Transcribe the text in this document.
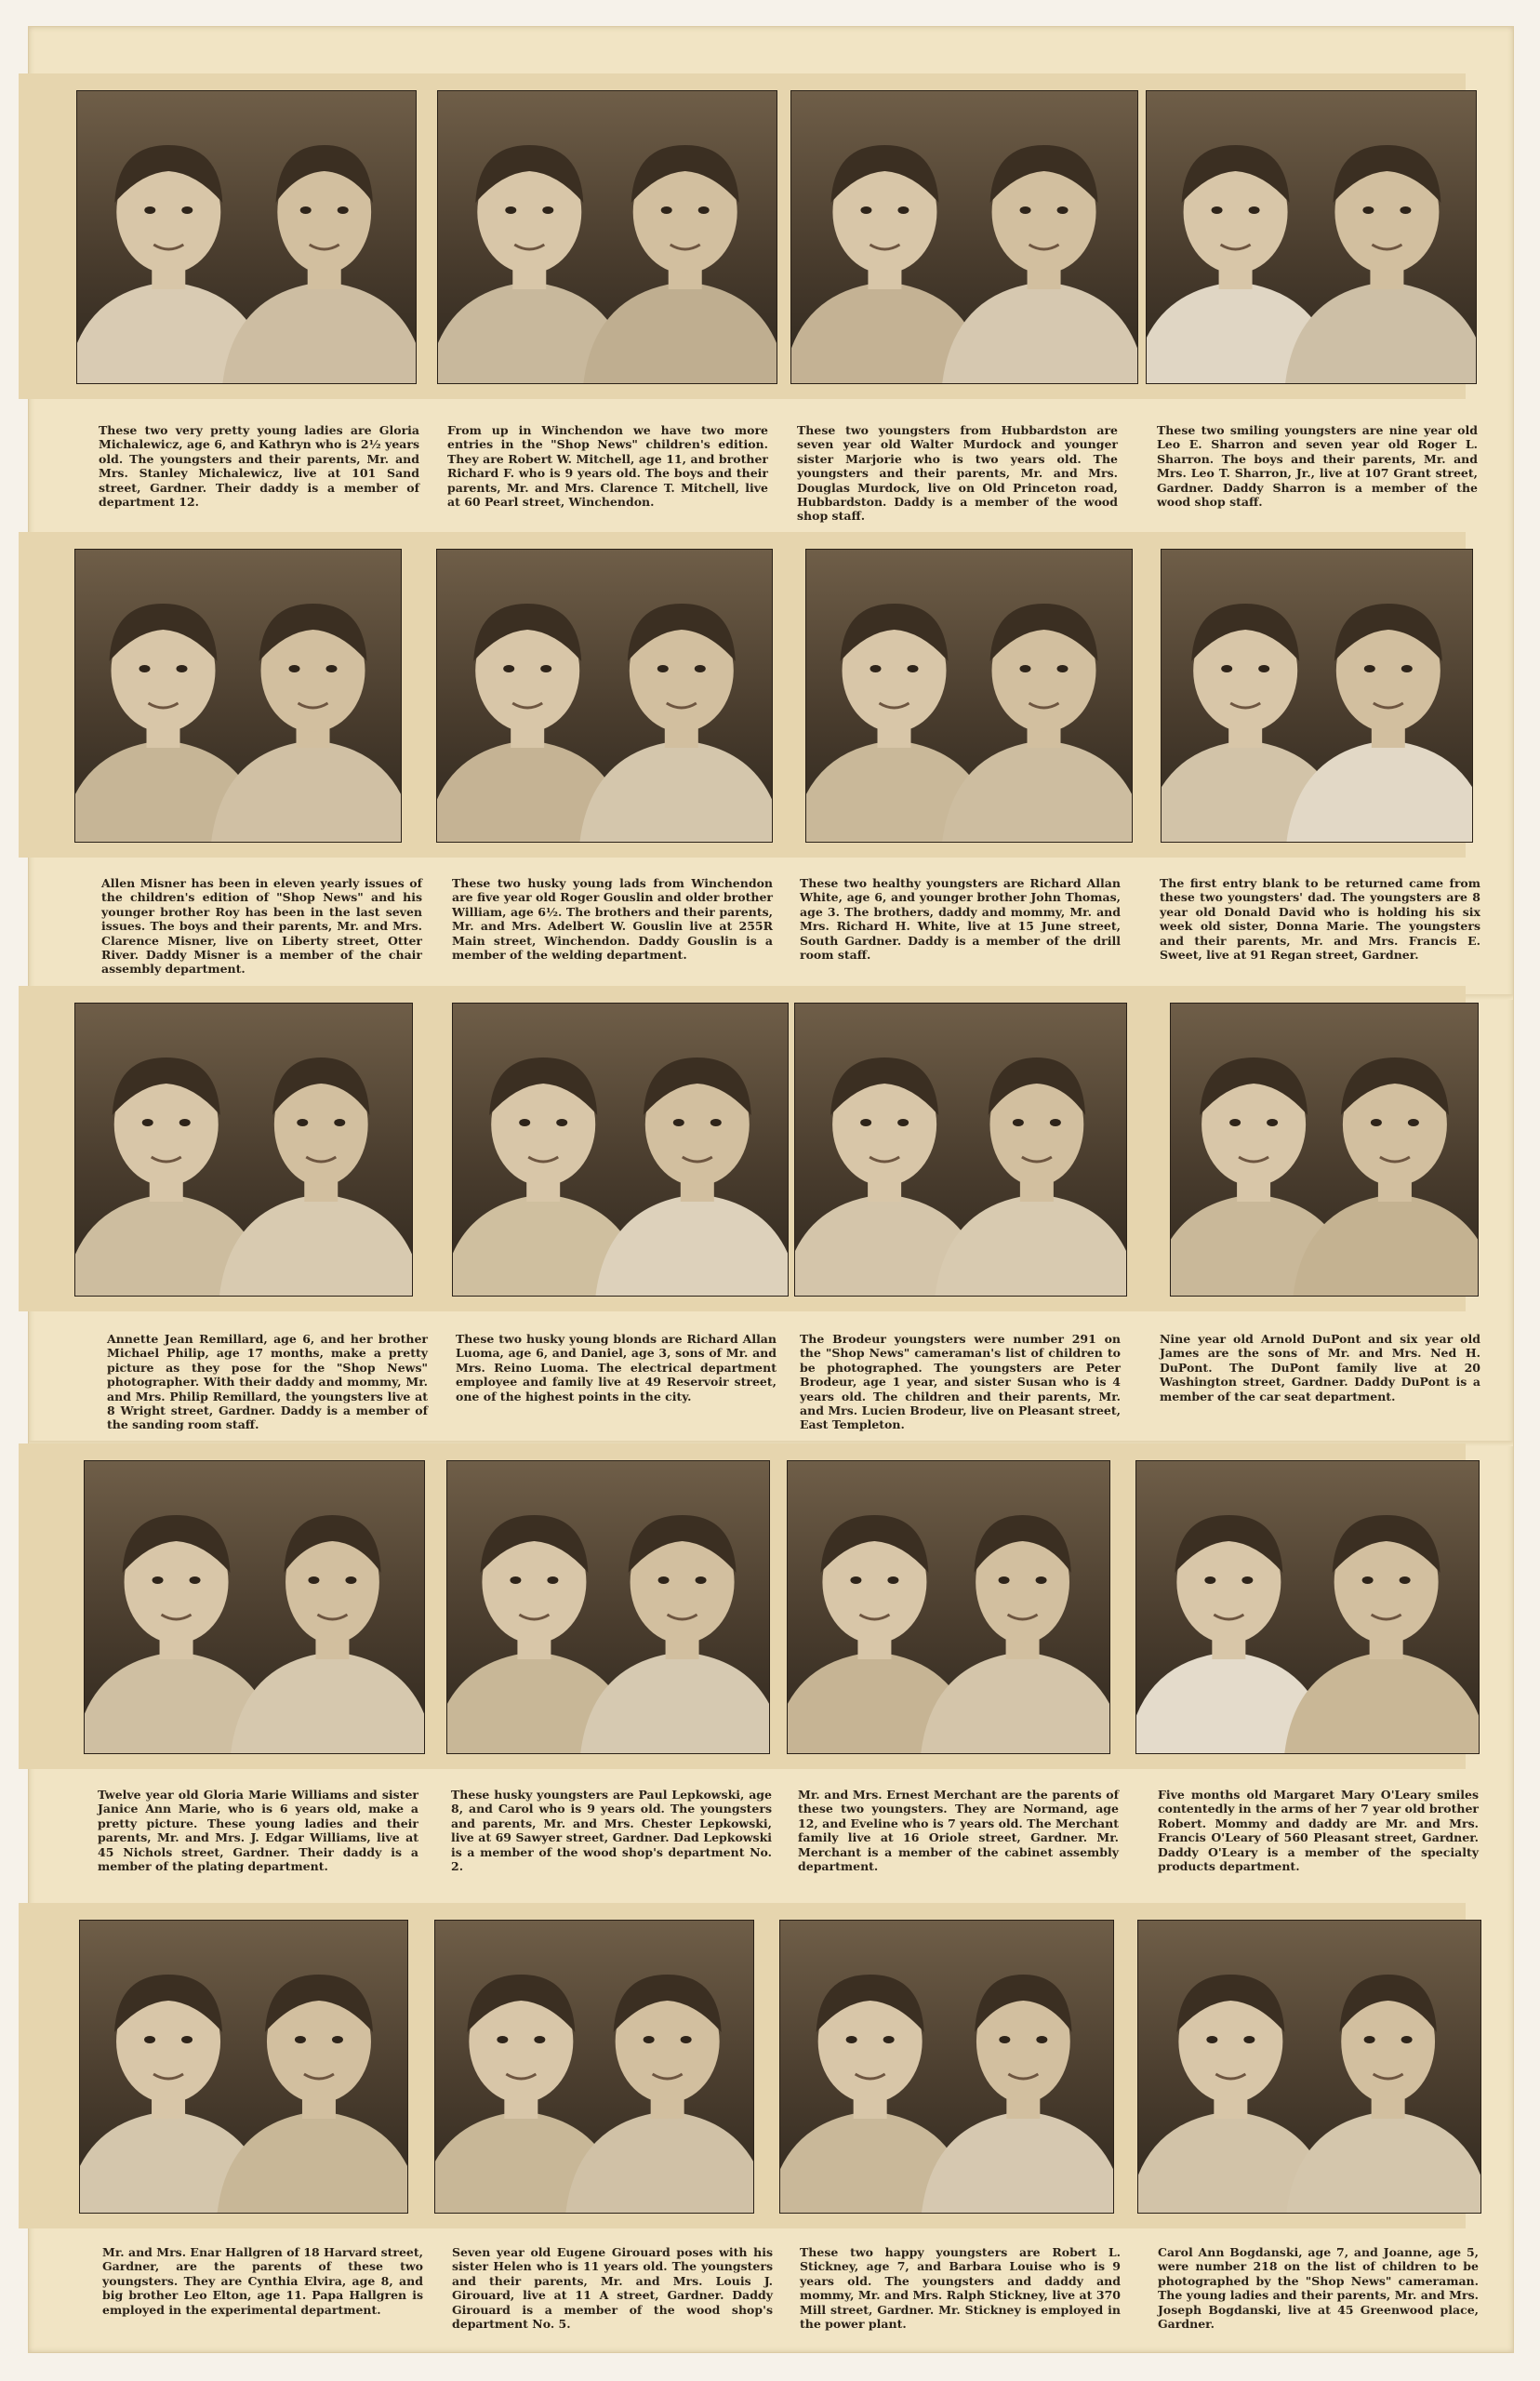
These two very pretty young ladies are Gloria Michalewicz, age 6, and Kathryn who is 2½ years old. The youngsters and their parents, Mr. and Mrs. Stanley Michalewicz, live at 101 Sand street, Gardner. Their daddy is a member of department 12.

From up in Winchendon we have two more entries in the "Shop News" children's edition. They are Robert W. Mitchell, age 11, and brother Richard F. who is 9 years old. The boys and their parents, Mr. and Mrs. Clarence T. Mitchell, live at 60 Pearl street, Winchendon.

These two youngsters from Hubbardston are seven year old Walter Murdock and younger sister Marjorie who is two years old. The youngsters and their parents, Mr. and Mrs. Douglas Murdock, live on Old Princeton road, Hubbardston. Daddy is a member of the wood shop staff.

These two smiling youngsters are nine year old Leo E. Sharron and seven year old Roger L. Sharron. The boys and their parents, Mr. and Mrs. Leo T. Sharron, Jr., live at 107 Grant street, Gardner. Daddy Sharron is a member of the wood shop staff.

Allen Misner has been in eleven yearly issues of the children's edition of "Shop News" and his younger brother Roy has been in the last seven issues. The boys and their parents, Mr. and Mrs. Clarence Misner, live on Liberty street, Otter River. Daddy Misner is a member of the chair assembly department.

These two husky young lads from Winchendon are five year old Roger Gouslin and older brother William, age 6½. The brothers and their parents, Mr. and Mrs. Adelbert W. Gouslin live at 255R Main street, Winchendon. Daddy Gouslin is a member of the welding department.

These two healthy youngsters are Richard Allan White, age 6, and younger brother John Thomas, age 3. The brothers, daddy and mommy, Mr. and Mrs. Richard H. White, live at 15 June street, South Gardner. Daddy is a member of the drill room staff.

The first entry blank to be returned came from these two youngsters' dad. The youngsters are 8 year old Donald David who is holding his six week old sister, Donna Marie. The youngsters and their parents, Mr. and Mrs. Francis E. Sweet, live at 91 Regan street, Gardner.

Annette Jean Remillard, age 6, and her brother Michael Philip, age 17 months, make a pretty picture as they pose for the "Shop News" photographer. With their daddy and mommy, Mr. and Mrs. Philip Remillard, the youngsters live at 8 Wright street, Gardner. Daddy is a member of the sanding room staff.

These two husky young blonds are Richard Allan Luoma, age 6, and Daniel, age 3, sons of Mr. and Mrs. Reino Luoma. The electrical department employee and family live at 49 Reservoir street, one of the highest points in the city.

The Brodeur youngsters were number 291 on the "Shop News" cameraman's list of children to be photographed. The youngsters are Peter Brodeur, age 1 year, and sister Susan who is 4 years old. The children and their parents, Mr. and Mrs. Lucien Brodeur, live on Pleasant street, East Templeton.

Nine year old Arnold DuPont and six year old James are the sons of Mr. and Mrs. Ned H. DuPont. The DuPont family live at 20 Washington street, Gardner. Daddy DuPont is a member of the car seat department.

Twelve year old Gloria Marie Williams and sister Janice Ann Marie, who is 6 years old, make a pretty picture. These young ladies and their parents, Mr. and Mrs. J. Edgar Williams, live at 45 Nichols street, Gardner. Their daddy is a member of the plating department.

These husky youngsters are Paul Lepkowski, age 8, and Carol who is 9 years old. The youngsters and parents, Mr. and Mrs. Chester Lepkowski, live at 69 Sawyer street, Gardner. Dad Lepkowski is a member of the wood shop's department No. 2.

Mr. and Mrs. Ernest Merchant are the parents of these two youngsters. They are Normand, age 12, and Eveline who is 7 years old. The Merchant family live at 16 Oriole street, Gardner. Mr. Merchant is a member of the cabinet assembly department.

Five months old Margaret Mary O'Leary smiles contentedly in the arms of her 7 year old brother Robert. Mommy and daddy are Mr. and Mrs. Francis O'Leary of 560 Pleasant street, Gardner. Daddy O'Leary is a member of the specialty products department.

Mr. and Mrs. Enar Hallgren of 18 Harvard street, Gardner, are the parents of these two youngsters. They are Cynthia Elvira, age 8, and big brother Leo Elton, age 11. Papa Hallgren is employed in the experimental department.

Seven year old Eugene Girouard poses with his sister Helen who is 11 years old. The youngsters and their parents, Mr. and Mrs. Louis J. Girouard, live at 11 A street, Gardner. Daddy Girouard is a member of the wood shop's department No. 5.

These two happy youngsters are Robert L. Stickney, age 7, and Barbara Louise who is 9 years old. The youngsters and daddy and mommy, Mr. and Mrs. Ralph Stickney, live at 370 Mill street, Gardner. Mr. Stickney is employed in the power plant.

Carol Ann Bogdanski, age 7, and Joanne, age 5, were number 218 on the list of children to be photographed by the "Shop News" cameraman. The young ladies and their parents, Mr. and Mrs. Joseph Bogdanski, live at 45 Greenwood place, Gardner.
